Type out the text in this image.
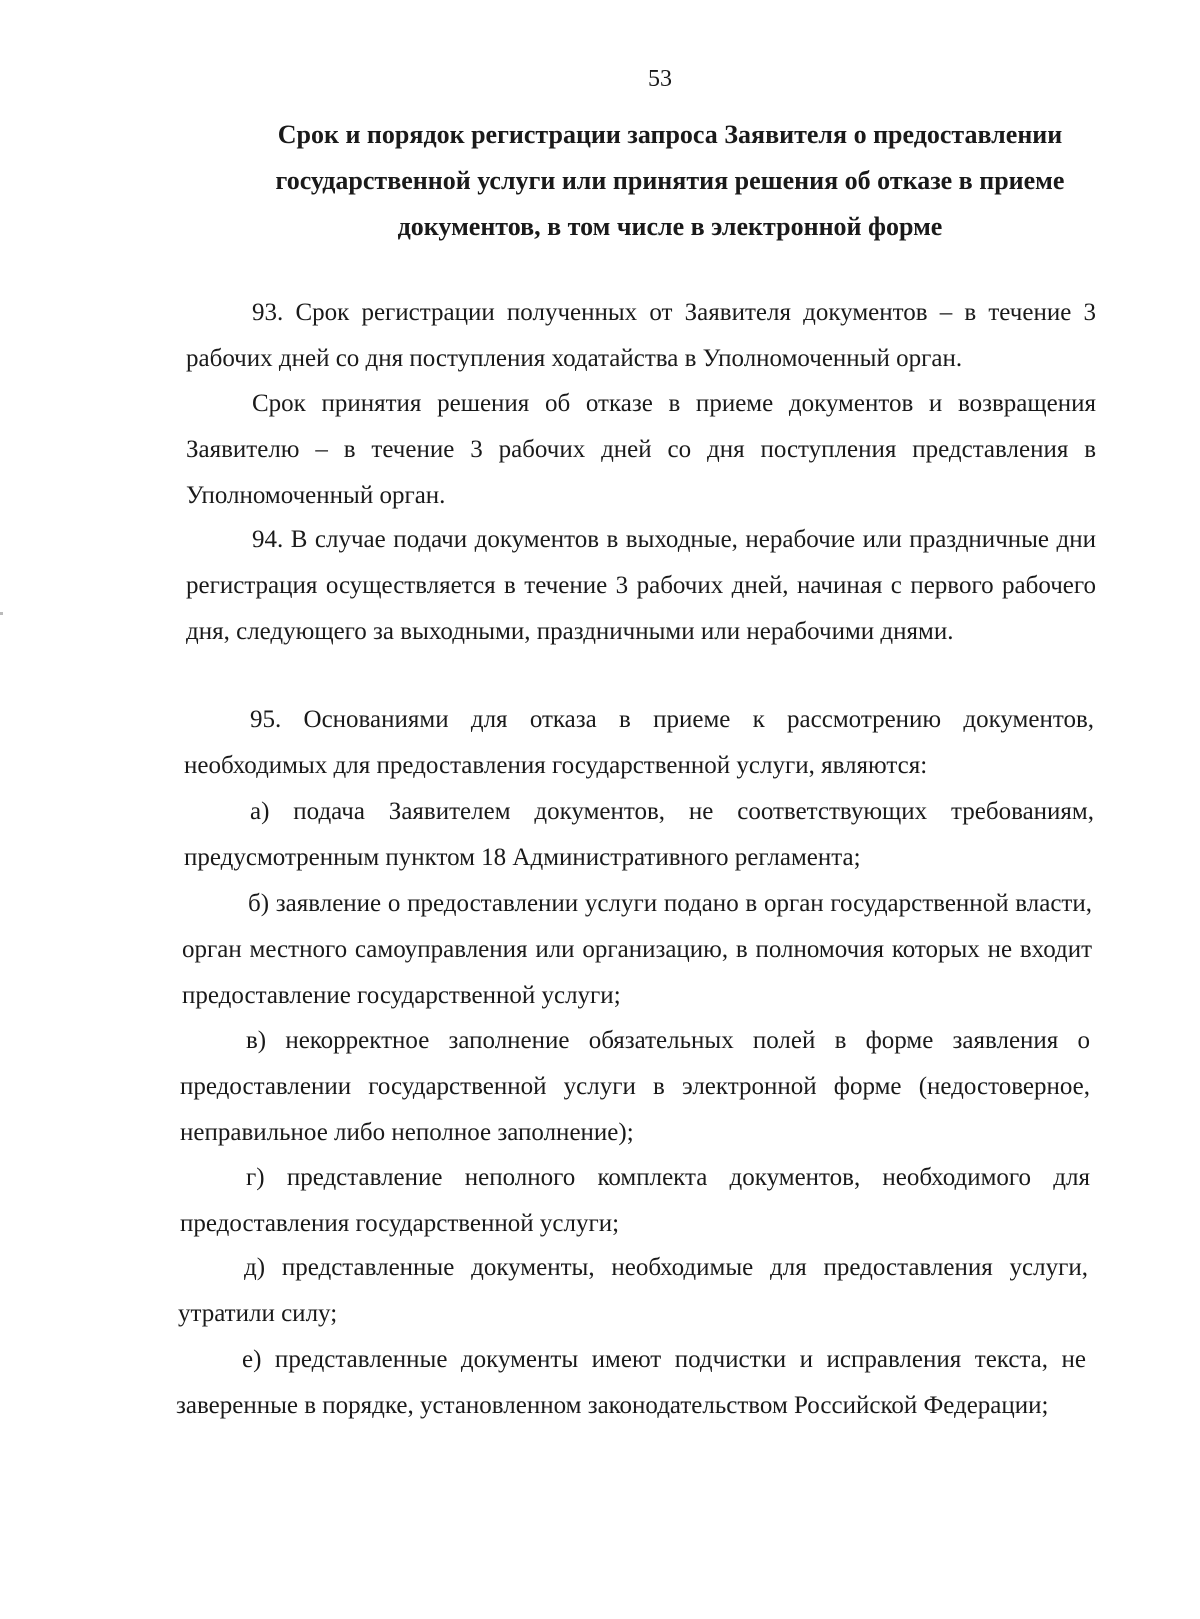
53
Срок и порядок регистрации запроса Заявителя о предоставлении
государственной услуги или принятия решения об отказе в приеме
документов, в том числе в электронной форме

93. Срок регистрации полученных от Заявителя документов – в течение 3 рабочих дней со дня поступления ходатайства в Уполномоченный орган.

Срок принятия решения об отказе в приеме документов и возвращения Заявителю – в течение 3 рабочих дней со дня поступления представления в Уполномоченный орган.

94. В случае подачи документов в выходные, нерабочие или праздничные дни регистрация осуществляется в течение 3 рабочих дней, начиная с первого рабочего дня, следующего за выходными, праздничными или нерабочими днями.

95. Основаниями для отказа в приеме к рассмотрению документов, необходимых для предоставления государственной услуги, являются:

а) подача Заявителем документов, не соответствующих требованиям, предусмотренным пунктом 18 Административного регламента;

б) заявление о предоставлении услуги подано в орган государственной власти, орган местного самоуправления или организацию, в полномочия которых не входит предоставление государственной услуги;

в) некорректное заполнение обязательных полей в форме заявления о предоставлении государственной услуги в электронной форме (недостоверное, неправильное либо неполное заполнение);

г) представление неполного комплекта документов, необходимого для предоставления государственной услуги;

д) представленные документы, необходимые для предоставления услуги, утратили силу;

е) представленные документы имеют подчистки и исправления текста, не заверенные в порядке, установленном законодательством Российской Федерации;
